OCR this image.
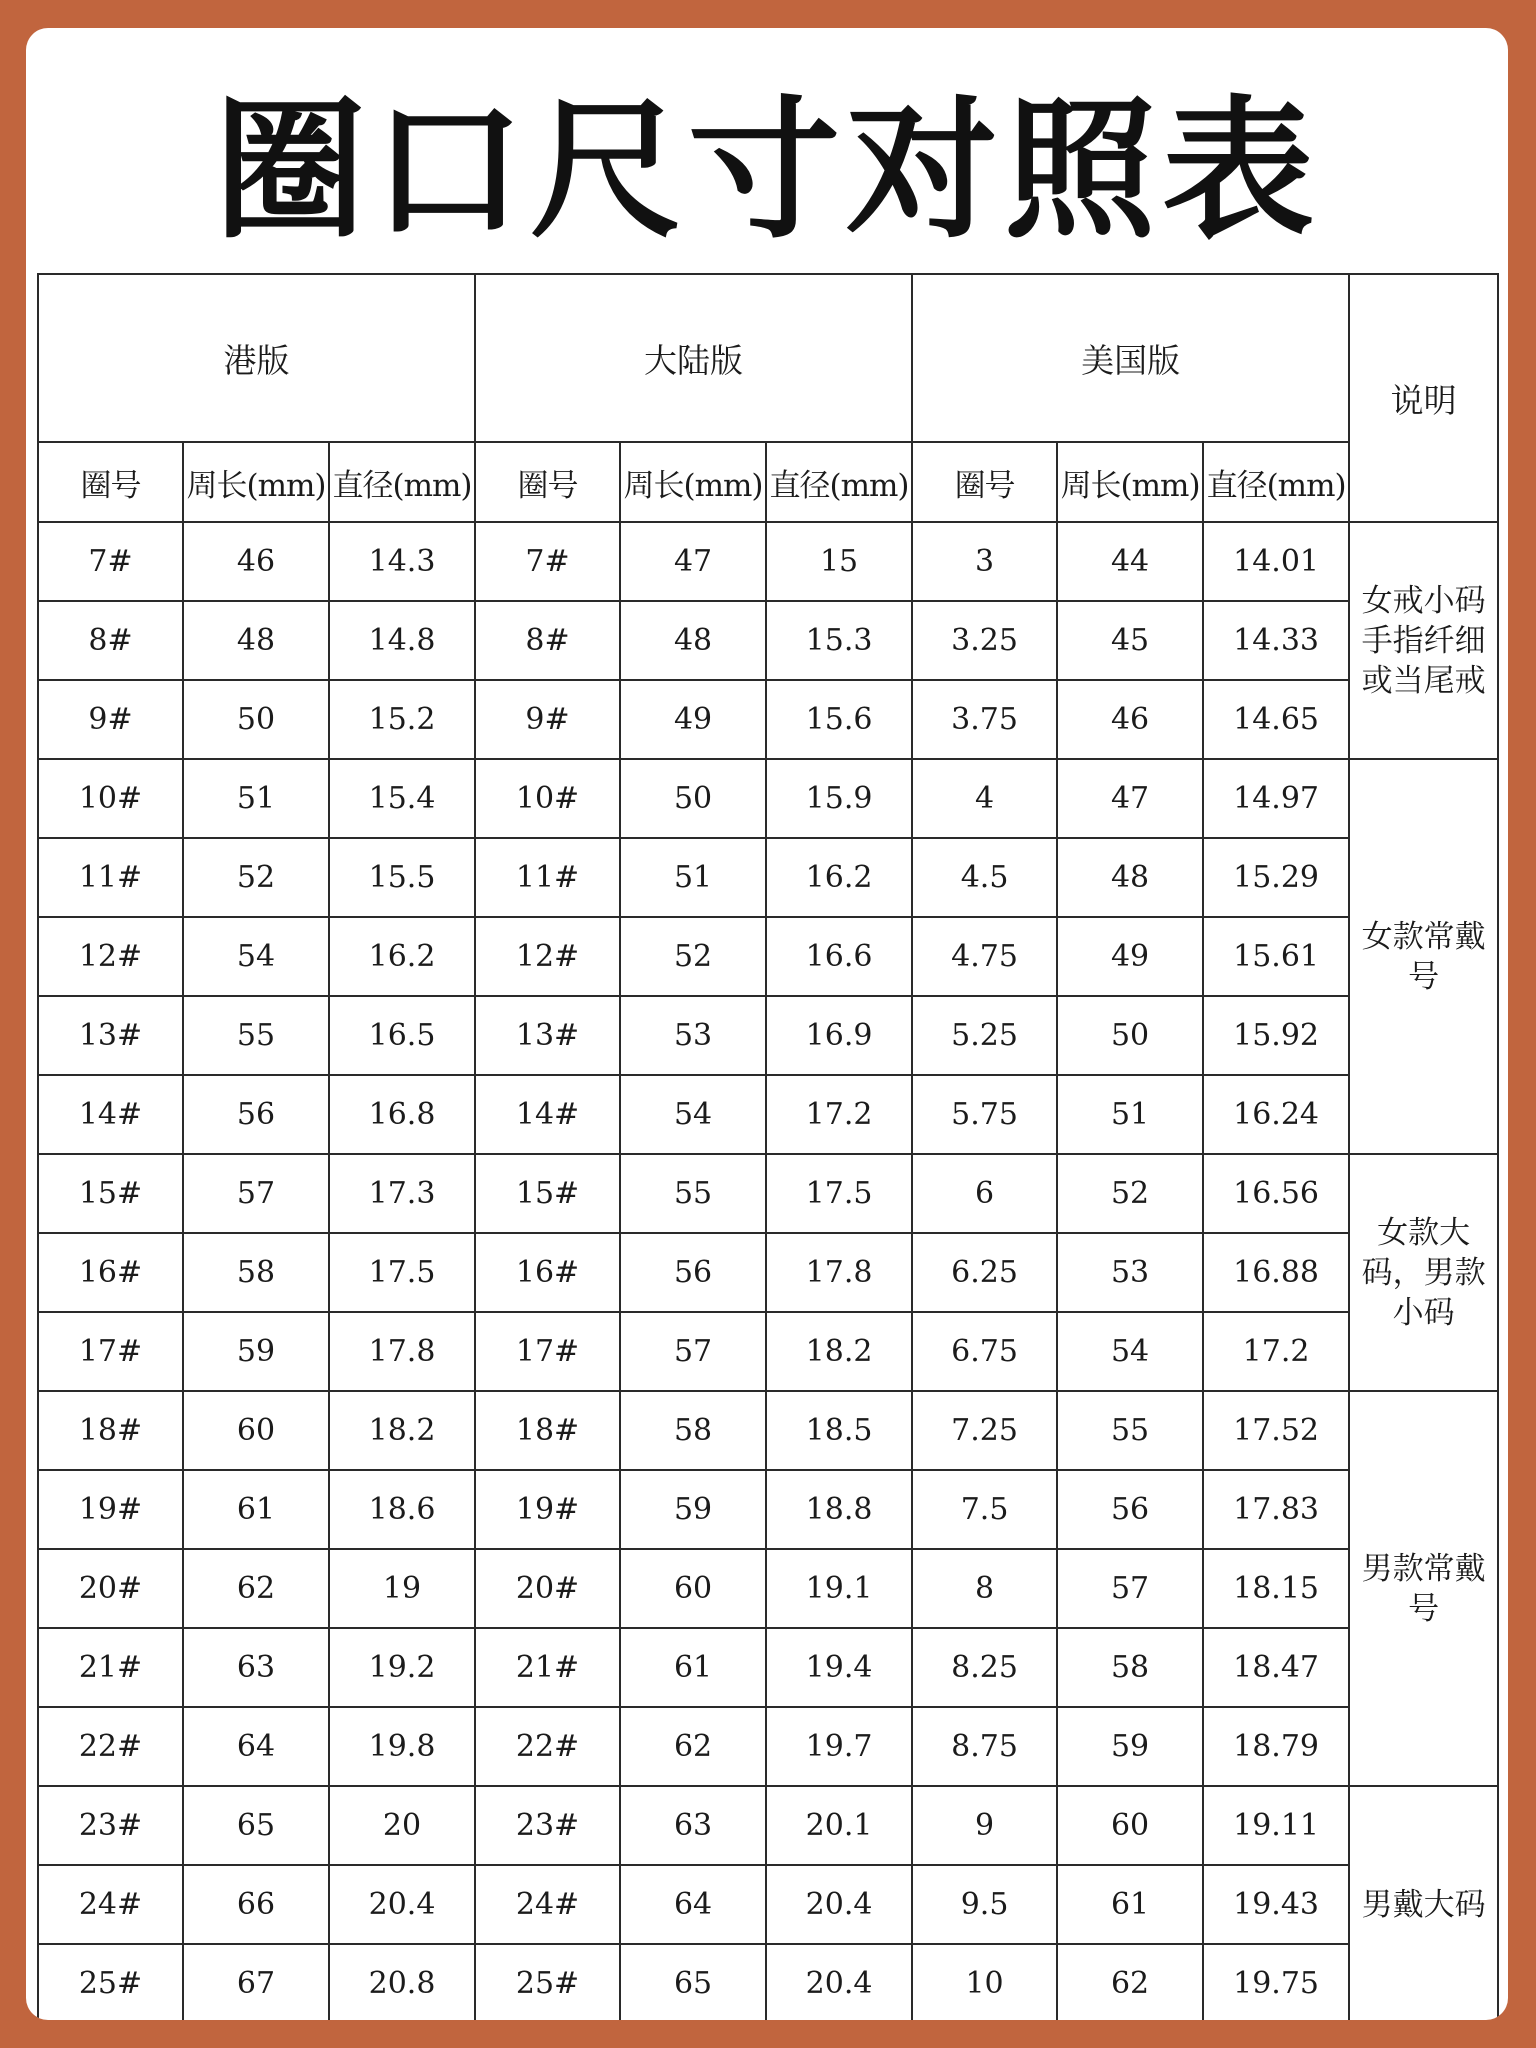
圈口尺寸对照表
港版			大陆版			美国版			说明
圈号	周长(mm)	直径(mm)	圈号	周长(mm)	直径(mm)	圈号	周长(mm)	直径(mm)	
7#	46	14.3	7#	47	15	3	44	14.01	女戒小码手指纤细或当尾戒
8#	48	14.8	8#	48	15.3	3.25	45	14.33	
9#	50	15.2	9#	49	15.6	3.75	46	14.65	
10#	51	15.4	10#	50	15.9	4	47	14.97	女款常戴号
11#	52	15.5	11#	51	16.2	4.5	48	15.29	
12#	54	16.2	12#	52	16.6	4.75	49	15.61	
13#	55	16.5	13#	53	16.9	5.25	50	15.92	
14#	56	16.8	14#	54	17.2	5.75	51	16.24	
15#	57	17.3	15#	55	17.5	6	52	16.56	女款大码，男款小码
16#	58	17.5	16#	56	17.8	6.25	53	16.88	
17#	59	17.8	17#	57	18.2	6.75	54	17.2	
18#	60	18.2	18#	58	18.5	7.25	55	17.52	男款常戴号
19#	61	18.6	19#	59	18.8	7.5	56	17.83	
20#	62	19	20#	60	19.1	8	57	18.15	
21#	63	19.2	21#	61	19.4	8.25	58	18.47	
22#	64	19.8	22#	62	19.7	8.75	59	18.79	
23#	65	20	23#	63	20.1	9	60	19.11	男戴大码
24#	66	20.4	24#	64	20.4	9.5	61	19.43	
25#	67	20.8	25#	65	20.4	10	62	19.75	
